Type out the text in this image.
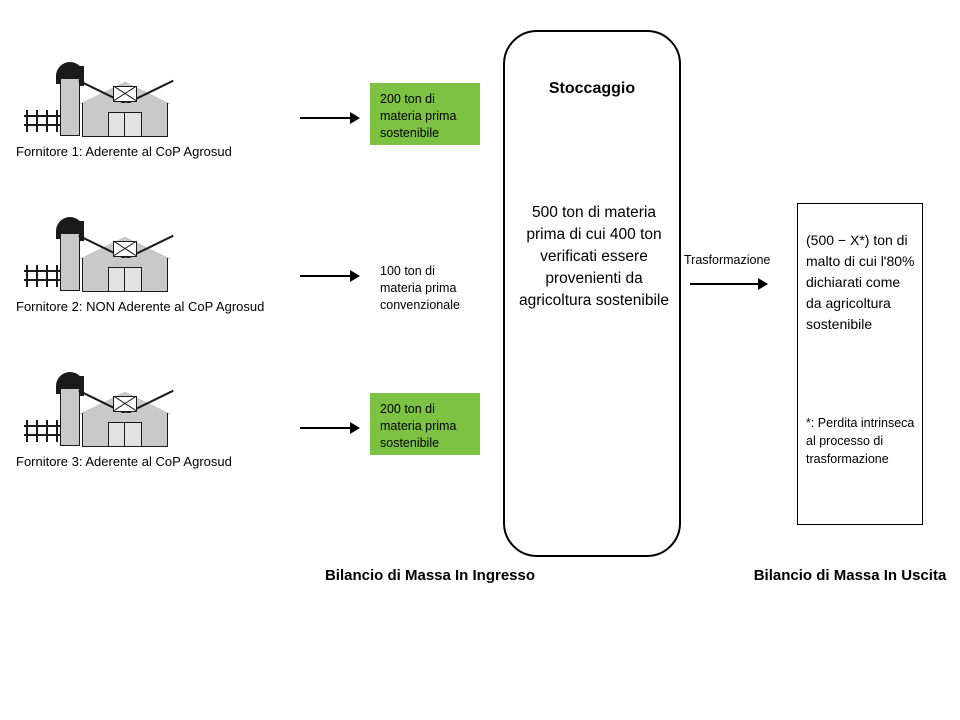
Fornitore 1: Aderente al CoP Agrosud
200 ton di materia prima sostenibile
Fornitore 2: NON Aderente al CoP Agrosud
100 ton di materia prima convenzionale
Fornitore 3: Aderente al CoP Agrosud
200 ton di materia prima sostenibile
Stoccaggio
500 ton di materia prima di cui 400 ton verificati essere provenienti da agricoltura sostenibile
Trasformazione
(500 − X*) ton di malto di cui l'80% dichiarati come da agricoltura sostenibile
*: Perdita intrinseca al processo di trasformazione
Bilancio di Massa In Ingresso	Bilancio di Massa In Uscita
